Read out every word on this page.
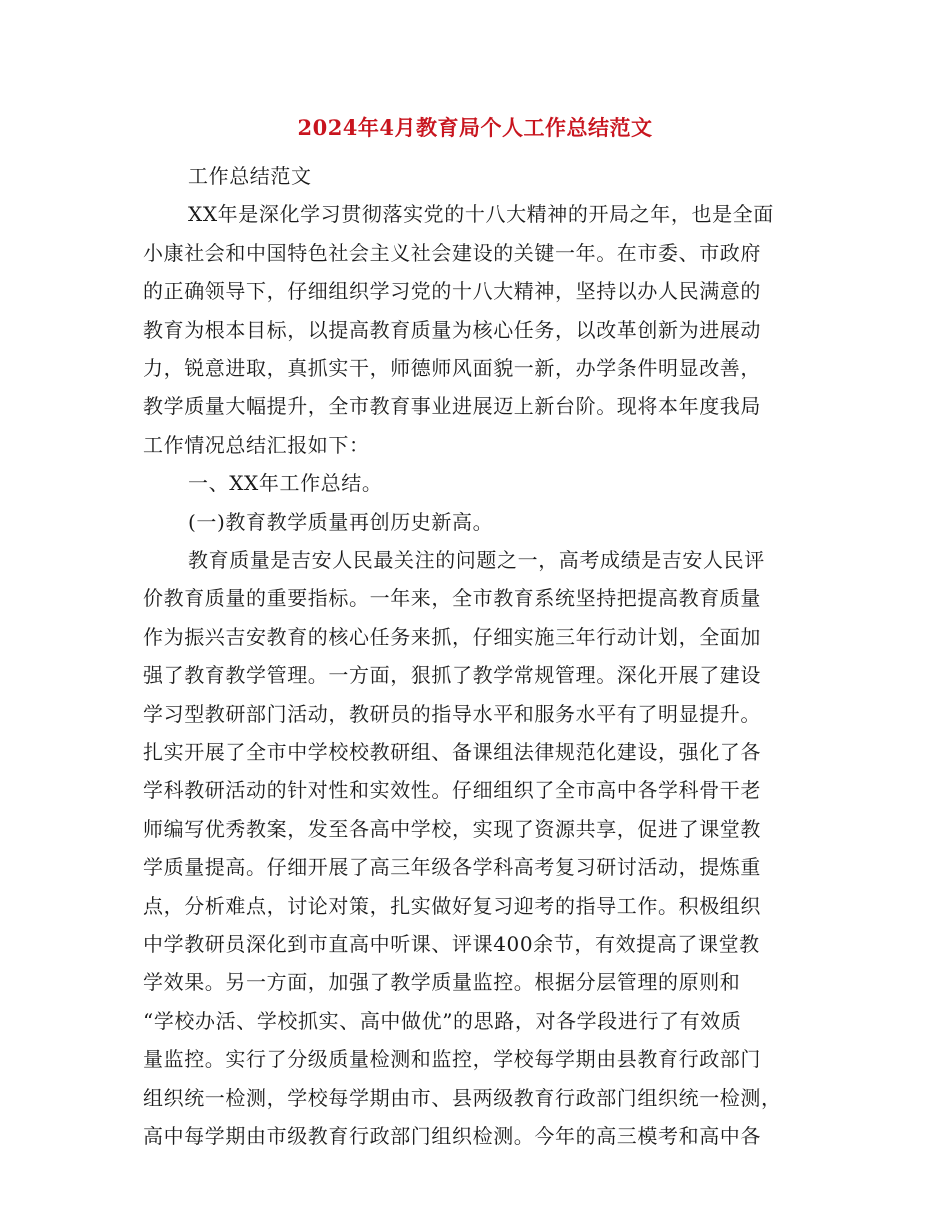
2024年4月教育局个人工作总结范文
工作总结范文
XX年是深化学习贯彻落实党的十八大精神的开局之年，也是全面
小康社会和中国特色社会主义社会建设的关键一年。在市委、市政府
的正确领导下，仔细组织学习党的十八大精神，坚持以办人民满意的
教育为根本目标，以提高教育质量为核心任务，以改革创新为进展动
力，锐意进取，真抓实干，师德师风面貌一新，办学条件明显改善，
教学质量大幅提升，全市教育事业进展迈上新台阶。现将本年度我局
工作情况总结汇报如下：
一、XX年工作总结。
(一)教育教学质量再创历史新高。
教育质量是吉安人民最关注的问题之一，高考成绩是吉安人民评
价教育质量的重要指标。一年来，全市教育系统坚持把提高教育质量
作为振兴吉安教育的核心任务来抓，仔细实施三年行动计划，全面加
强了教育教学管理。一方面，狠抓了教学常规管理。深化开展了建设
学习型教研部门活动，教研员的指导水平和服务水平有了明显提升。
扎实开展了全市中学校校教研组、备课组法律规范化建设，强化了各
学科教研活动的针对性和实效性。仔细组织了全市高中各学科骨干老
师编写优秀教案，发至各高中学校，实现了资源共享，促进了课堂教
学质量提高。仔细开展了高三年级各学科高考复习研讨活动，提炼重
点，分析难点，讨论对策，扎实做好复习迎考的指导工作。积极组织
中学教研员深化到市直高中听课、评课400余节，有效提高了课堂教
学效果。另一方面，加强了教学质量监控。根据分层管理的原则和
“学校办活、学校抓实、高中做优”的思路，对各学段进行了有效质
量监控。实行了分级质量检测和监控，学校每学期由县教育行政部门
组织统一检测，学校每学期由市、县两级教育行政部门组织统一检测，
高中每学期由市级教育行政部门组织检测。今年的高三模考和高中各
